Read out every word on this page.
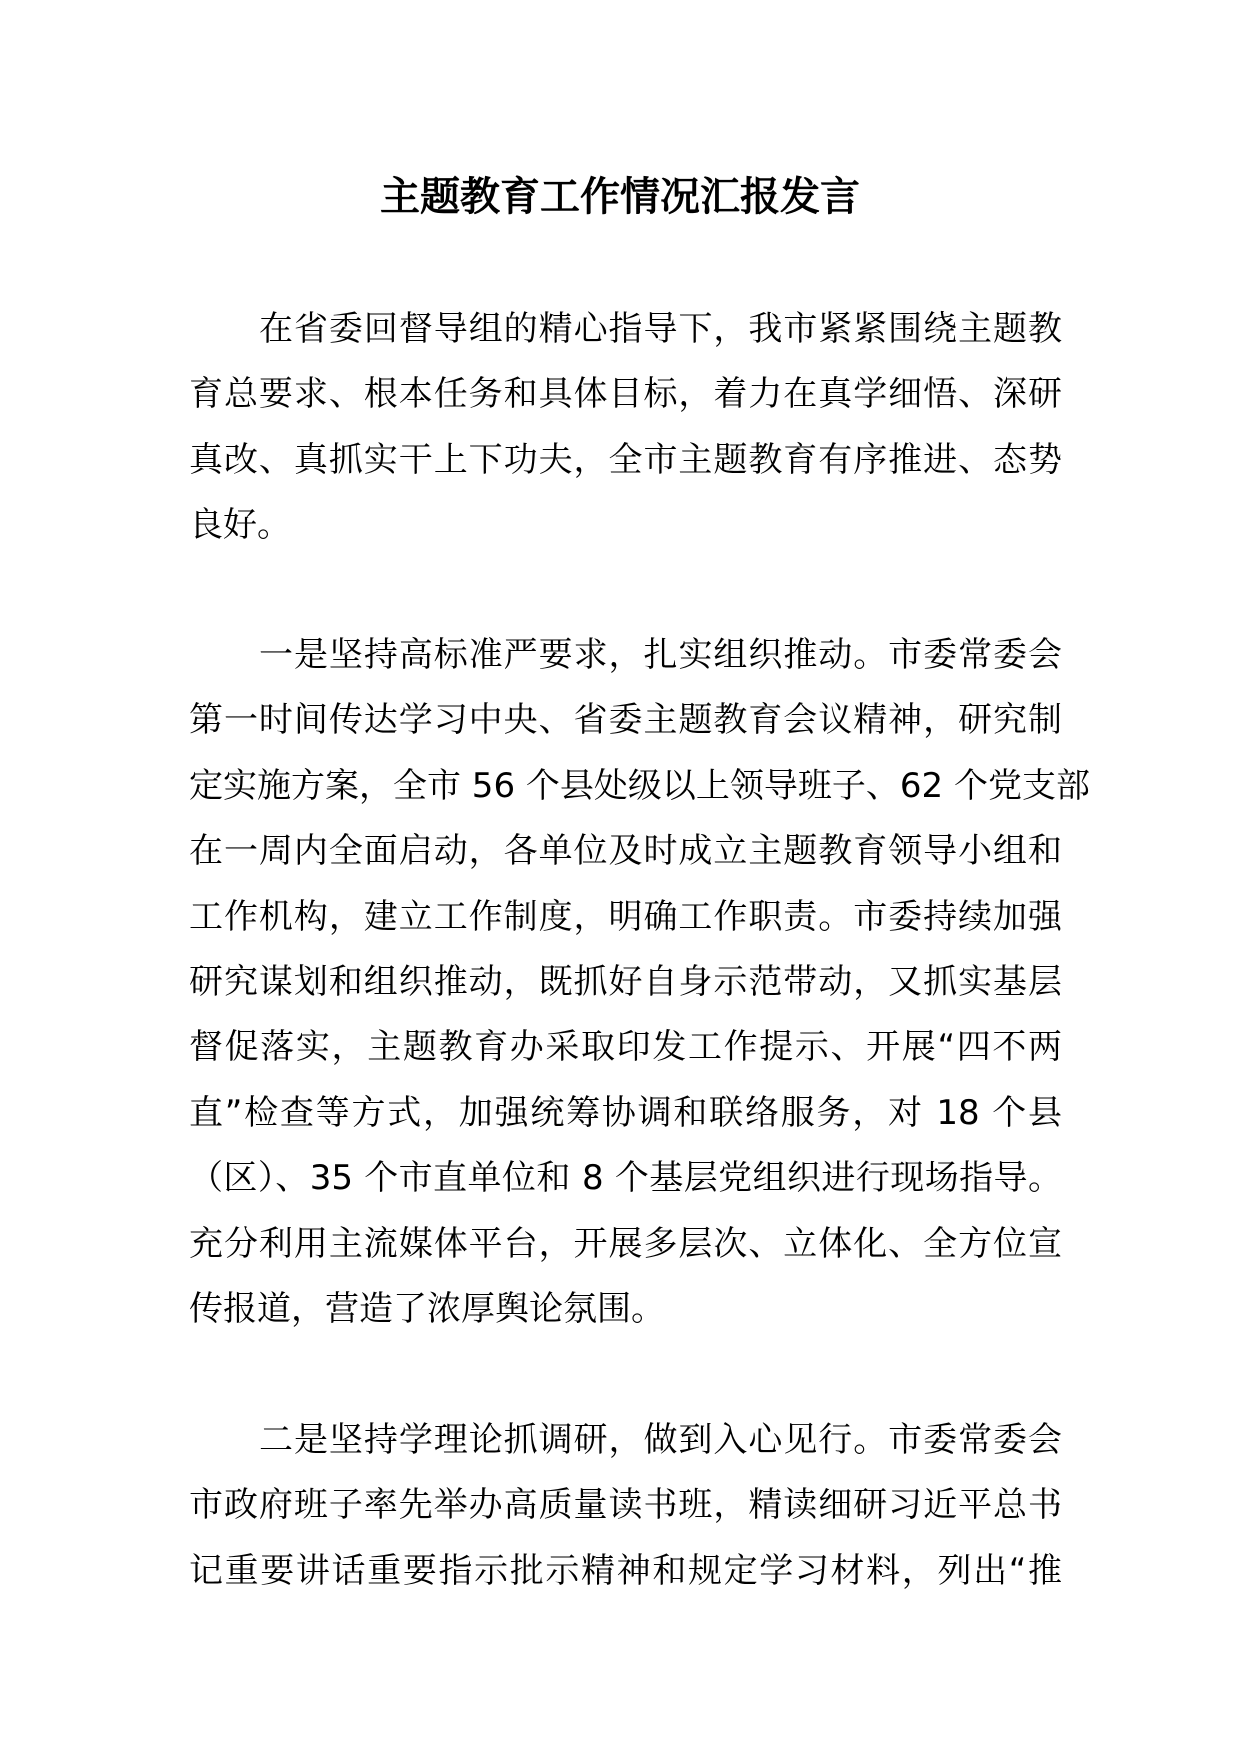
主题教育工作情况汇报发言
在省委回督导组的精心指导下，我市紧紧围绕主题教
育总要求、根本任务和具体目标，着力在真学细悟、深研
真改、真抓实干上下功夫，全市主题教育有序推进、态势
良好。
一是坚持高标准严要求，扎实组织推动。市委常委会
第一时间传达学习中央、省委主题教育会议精神，研究制
定实施方案，全市 56 个县处级以上领导班子、62 个党支部
在一周内全面启动，各单位及时成立主题教育领导小组和
工作机构，建立工作制度，明确工作职责。市委持续加强
研究谋划和组织推动，既抓好自身示范带动，又抓实基层
督促落实，主题教育办采取印发工作提示、开展“四不两
直”检查等方式，加强统筹协调和联络服务，对 18 个县
（区）、35 个市直单位和 8 个基层党组织进行现场指导。
充分利用主流媒体平台，开展多层次、立体化、全方位宣
传报道，营造了浓厚舆论氛围。
二是坚持学理论抓调研，做到入心见行。市委常委会
市政府班子率先举办高质量读书班，精读细研习近平总书
记重要讲话重要指示批示精神和规定学习材料，列出“推
